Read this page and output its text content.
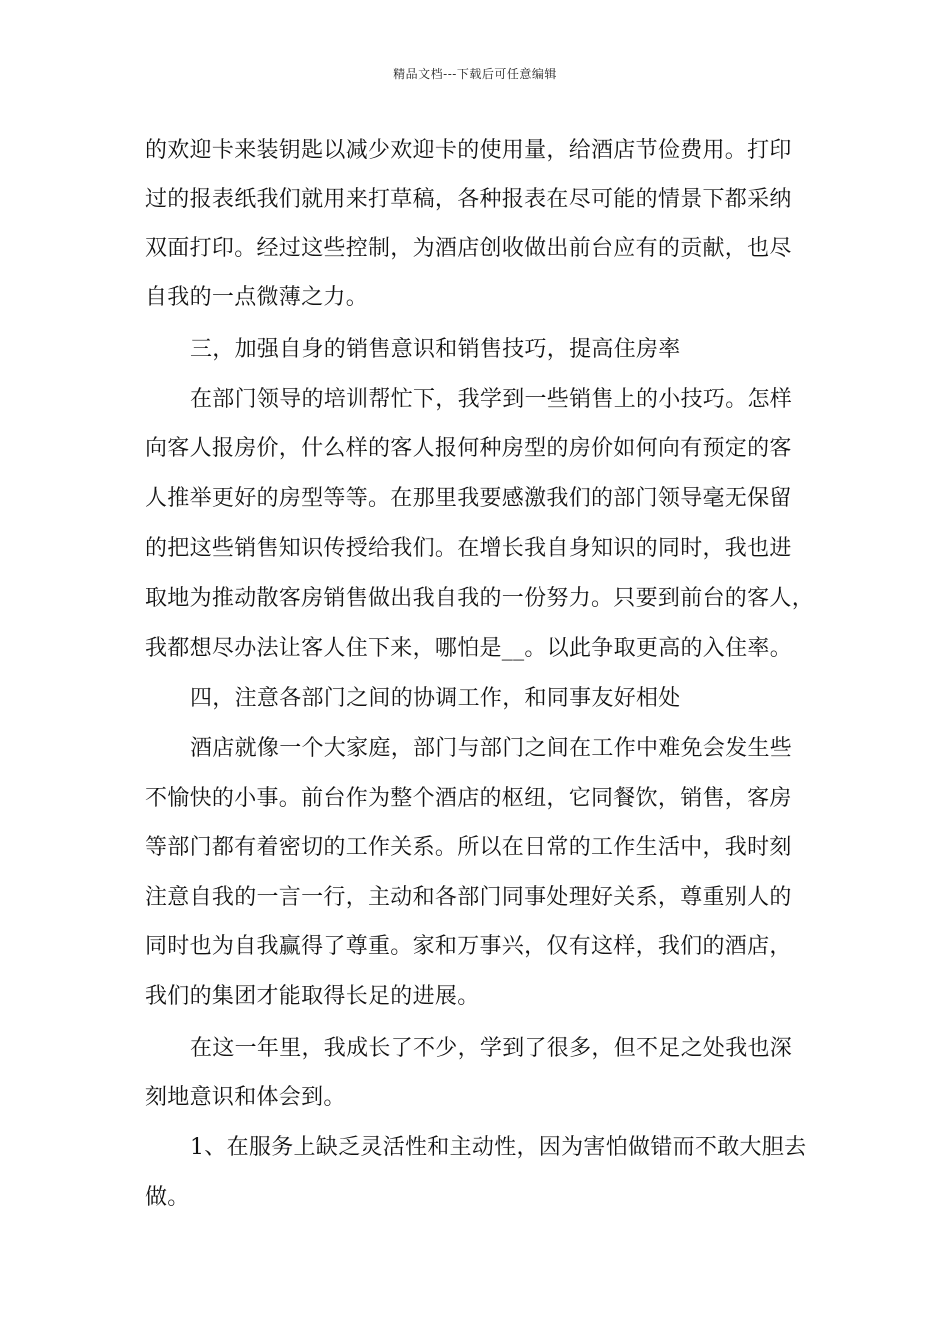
精品文档---下载后可任意编辑
的欢迎卡来装钥匙以减少欢迎卡的使用量，给酒店节俭费用。打印
过的报表纸我们就用来打草稿，各种报表在尽可能的情景下都采纳
双面打印。经过这些控制，为酒店创收做出前台应有的贡献，也尽
自我的一点微薄之力。
三，加强自身的销售意识和销售技巧，提高住房率
在部门领导的培训帮忙下，我学到一些销售上的小技巧。怎样
向客人报房价，什么样的客人报何种房型的房价如何向有预定的客
人推举更好的房型等等。在那里我要感激我们的部门领导毫无保留
的把这些销售知识传授给我们。在增长我自身知识的同时，我也进
取地为推动散客房销售做出我自我的一份努力。只要到前台的客人，
我都想尽办法让客人住下来，哪怕是__。以此争取更高的入住率。
四，注意各部门之间的协调工作，和同事友好相处
酒店就像一个大家庭，部门与部门之间在工作中难免会发生些
不愉快的小事。前台作为整个酒店的枢纽，它同餐饮，销售，客房
等部门都有着密切的工作关系。所以在日常的工作生活中，我时刻
注意自我的一言一行，主动和各部门同事处理好关系，尊重别人的
同时也为自我赢得了尊重。家和万事兴，仅有这样，我们的酒店，
我们的集团才能取得长足的进展。
在这一年里，我成长了不少，学到了很多，但不足之处我也深
刻地意识和体会到。
1、在服务上缺乏灵活性和主动性，因为害怕做错而不敢大胆去
做。
